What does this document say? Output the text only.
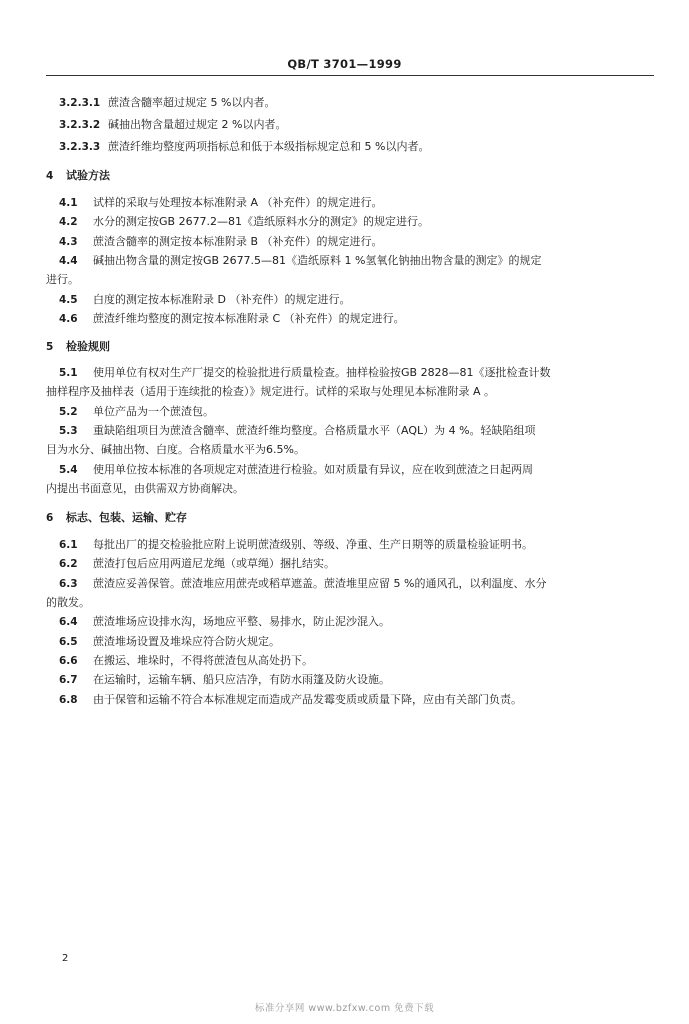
QB/T 3701—1999
3.2.3.1 蔗渣含髓率超过规定 5 %以内者。
3.2.3.2 碱抽出物含量超过规定 2 %以内者。
3.2.3.3 蔗渣纤维均整度两项指标总和低于本级指标规定总和 5 %以内者。
4 试验方法
4.1 试样的采取与处理按本标准附录 A （补充件）的规定进行。
4.2 水分的测定按GB 2677.2—81《造纸原料水分的测定》的规定进行。
4.3 蔗渣含髓率的测定按本标准附录 B （补充件）的规定进行。
4.4 碱抽出物含量的测定按GB 2677.5—81《造纸原料 1 %氢氧化钠抽出物含量的测定》的规定
进行。
4.5 白度的测定按本标准附录 D （补充件）的规定进行。
4.6 蔗渣纤维均整度的测定按本标准附录 C （补充件）的规定进行。
5 检验规则
5.1 使用单位有权对生产厂提交的检验批进行质量检查。抽样检验按GB 2828—81《逐批检查计数
抽样程序及抽样表（适用于连续批的检查）》规定进行。试样的采取与处理见本标准附录 A 。
5.2 单位产品为一个蔗渣包。
5.3 重缺陷组项目为蔗渣含髓率、蔗渣纤维均整度。合格质量水平（AQL）为 4 %。轻缺陷组项
目为水分、碱抽出物、白度。合格质量水平为6.5%。
5.4 使用单位按本标准的各项规定对蔗渣进行检验。如对质量有异议，应在收到蔗渣之日起两周
内提出书面意见，由供需双方协商解决。
6 标志、包装、运输、贮存
6.1 每批出厂的提交检验批应附上说明蔗渣级别、等级、净重、生产日期等的质量检验证明书。
6.2 蔗渣打包后应用两道尼龙绳（或草绳）捆扎结实。
6.3 蔗渣应妥善保管。蔗渣堆应用蔗壳或稻草遮盖。蔗渣堆里应留 5 %的通风孔，以利温度、水分
的散发。
6.4 蔗渣堆场应设排水沟，场地应平整、易排水，防止泥沙混入。
6.5 蔗渣堆场设置及堆垛应符合防火规定。
6.6 在搬运、堆垛时，不得将蔗渣包从高处扔下。
6.7 在运输时，运输车辆、船只应洁净，有防水雨篷及防火设施。
6.8 由于保管和运输不符合本标准规定而造成产品发霉变质或质量下降，应由有关部门负责。
2
标准分享网 www.bzfxw.com 免费下载
